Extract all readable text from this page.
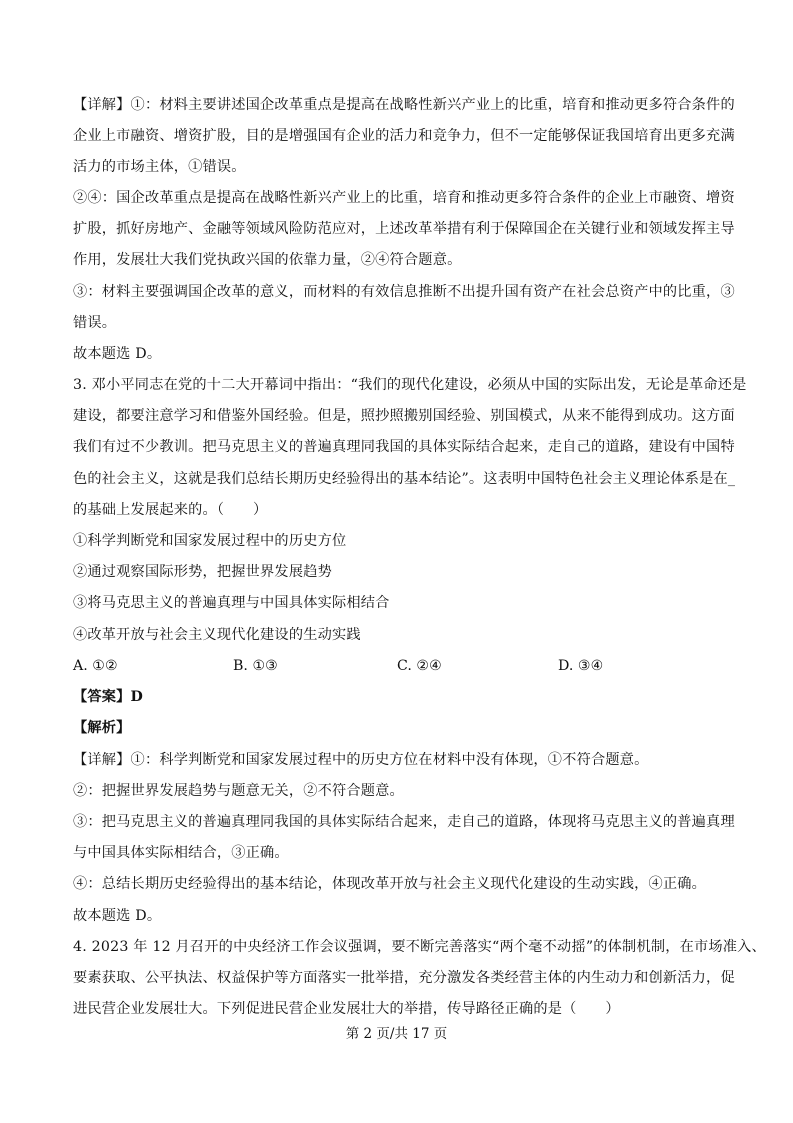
【详解】①：材料主要讲述国企改革重点是提高在战略性新兴产业上的比重，培育和推动更多符合条件的
企业上市融资、增资扩股，目的是增强国有企业的活力和竞争力，但不一定能够保证我国培育出更多充满
活力的市场主体，①错误。
②④：国企改革重点是提高在战略性新兴产业上的比重，培育和推动更多符合条件的企业上市融资、增资
扩股，抓好房地产、金融等领域风险防范应对，上述改革举措有利于保障国企在关键行业和领域发挥主导
作用，发展壮大我们党执政兴国的依靠力量，②④符合题意。
③：材料主要强调国企改革的意义，而材料的有效信息推断不出提升国有资产在社会总资产中的比重，③
错误。
故本题选 D。
3. 邓小平同志在党的十二大开幕词中指出：“我们的现代化建设，必须从中国的实际出发，无论是革命还是
建设，都要注意学习和借鉴外国经验。但是，照抄照搬别国经验、别国模式，从来不能得到成功。这方面
我们有过不少教训。把马克思主义的普遍真理同我国的具体实际结合起来，走自己的道路，建设有中国特
色的社会主义，这就是我们总结长期历史经验得出的基本结论”。这表明中国特色社会主义理论体系是在_
的基础上发展起来的。（　　）
①科学判断党和国家发展过程中的历史方位
②通过观察国际形势，把握世界发展趋势
③将马克思主义的普遍真理与中国具体实际相结合
④改革开放与社会主义现代化建设的生动实践
A. ①②	B. ①③	C. ②④	D. ③④
【答案】D
【解析】
【详解】①：科学判断党和国家发展过程中的历史方位在材料中没有体现，①不符合题意。
②：把握世界发展趋势与题意无关，②不符合题意。
③：把马克思主义的普遍真理同我国的具体实际结合起来，走自己的道路，体现将马克思主义的普遍真理
与中国具体实际相结合，③正确。
④：总结长期历史经验得出的基本结论，体现改革开放与社会主义现代化建设的生动实践，④正确。
故本题选 D。
4. 2023 年 12 月召开的中央经济工作会议强调，要不断完善落实“两个毫不动摇”的体制机制，在市场准入、
要素获取、公平执法、权益保护等方面落实一批举措，充分激发各类经营主体的内生动力和创新活力，促
进民营企业发展壮大。下列促进民营企业发展壮大的举措，传导路径正确的是（　　）
第 2 页/共 17 页
